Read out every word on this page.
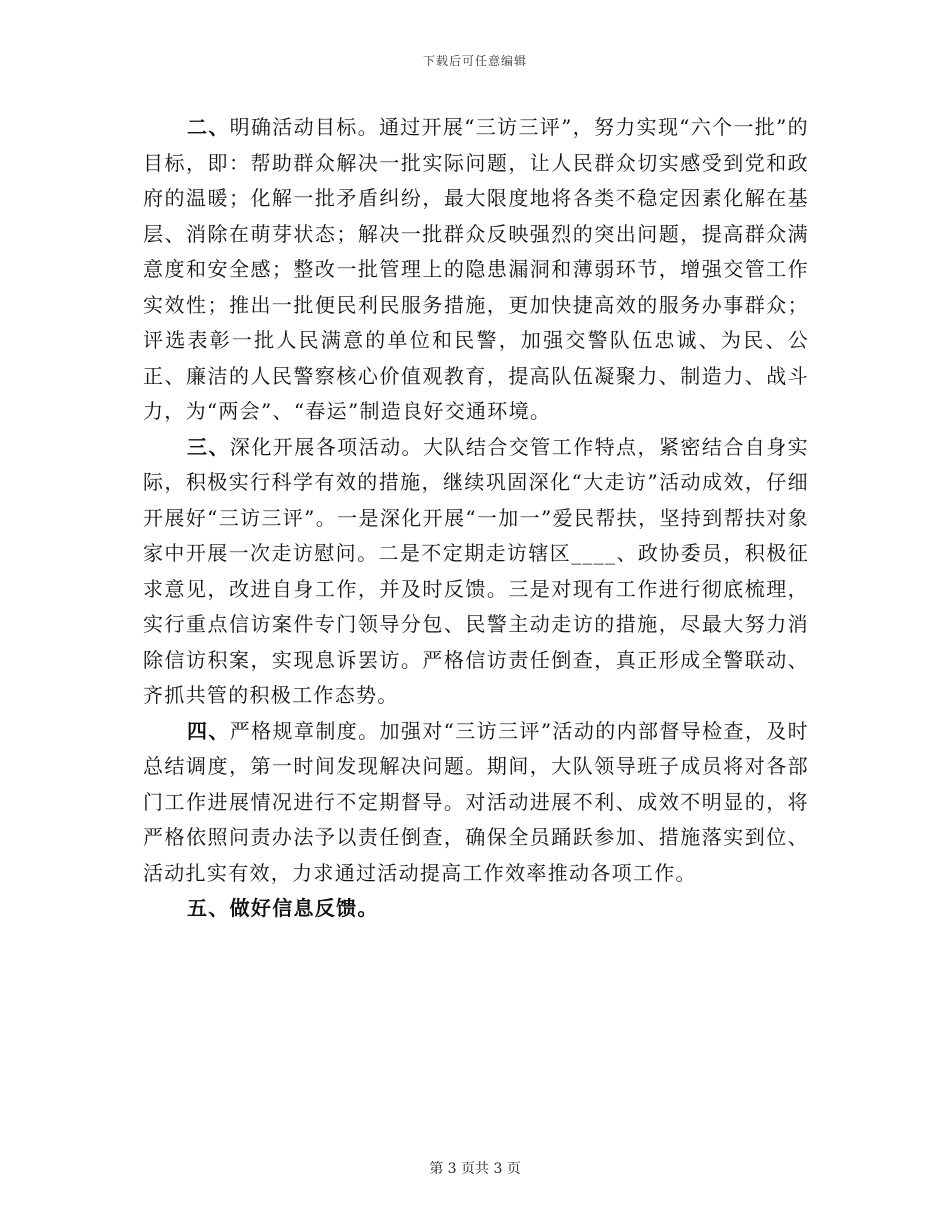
下载后可任意编辑

二、明确活动目标。通过开展“三访三评”，努力实现“六个一批”的目标，即：帮助群众解决一批实际问题，让人民群众切实感受到党和政府的温暖；化解一批矛盾纠纷，最大限度地将各类不稳定因素化解在基层、消除在萌芽状态；解决一批群众反映强烈的突出问题，提高群众满意度和安全感；整改一批管理上的隐患漏洞和薄弱环节，增强交管工作实效性；推出一批便民利民服务措施，更加快捷高效的服务办事群众；评选表彰一批人民满意的单位和民警，加强交警队伍忠诚、为民、公正、廉洁的人民警察核心价值观教育，提高队伍凝聚力、制造力、战斗力，为“两会”、“春运”制造良好交通环境。

三、深化开展各项活动。大队结合交管工作特点，紧密结合自身实际，积极实行科学有效的措施，继续巩固深化“大走访”活动成效，仔细开展好“三访三评”。一是深化开展“一加一”爱民帮扶，坚持到帮扶对象家中开展一次走访慰问。二是不定期走访辖区____、政协委员，积极征求意见，改进自身工作，并及时反馈。三是对现有工作进行彻底梳理，实行重点信访案件专门领导分包、民警主动走访的措施，尽最大努力消除信访积案，实现息诉罢访。严格信访责任倒查，真正形成全警联动、齐抓共管的积极工作态势。

四、严格规章制度。加强对“三访三评”活动的内部督导检查，及时总结调度，第一时间发现解决问题。期间，大队领导班子成员将对各部门工作进展情况进行不定期督导。对活动进展不利、成效不明显的，将严格依照问责办法予以责任倒查，确保全员踊跃参加、措施落实到位、活动扎实有效，力求通过活动提高工作效率推动各项工作。

五、做好信息反馈。

第 3 页共 3 页
